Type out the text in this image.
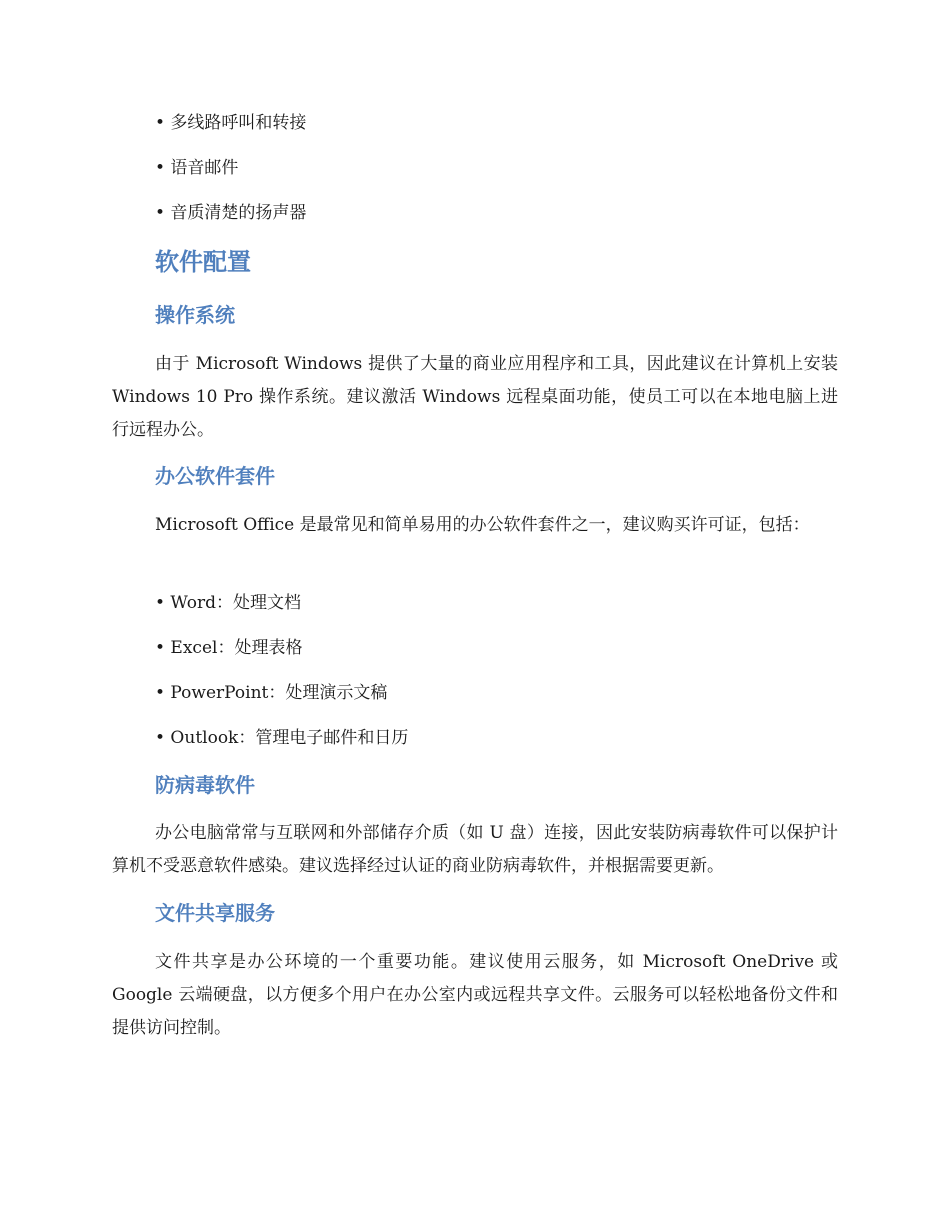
• 多线路呼叫和转接

• 语音邮件

• 音质清楚的扬声器

软件配置
操作系统

由于 Microsoft Windows 提供了大量的商业应用程序和工具，因此建议在计算机上安装 Windows 10 Pro 操作系统。建议激活 Windows 远程桌面功能，使员工可以在本地电脑上进行远程办公。

办公软件套件

Microsoft Office 是最常见和简单易用的办公软件套件之一，建议购买许可证，包括：

• Word：处理文档

• Excel：处理表格

• PowerPoint：处理演示文稿

• Outlook：管理电子邮件和日历

防病毒软件

办公电脑常常与互联网和外部储存介质（如 U 盘）连接，因此安装防病毒软件可以保护计算机不受恶意软件感染。建议选择经过认证的商业防病毒软件，并根据需要更新。

文件共享服务

文件共享是办公环境的一个重要功能。建议使用云服务，如 Microsoft OneDrive 或 Google 云端硬盘，以方便多个用户在办公室内或远程共享文件。云服务可以轻松地备份文件和提供访问控制。
